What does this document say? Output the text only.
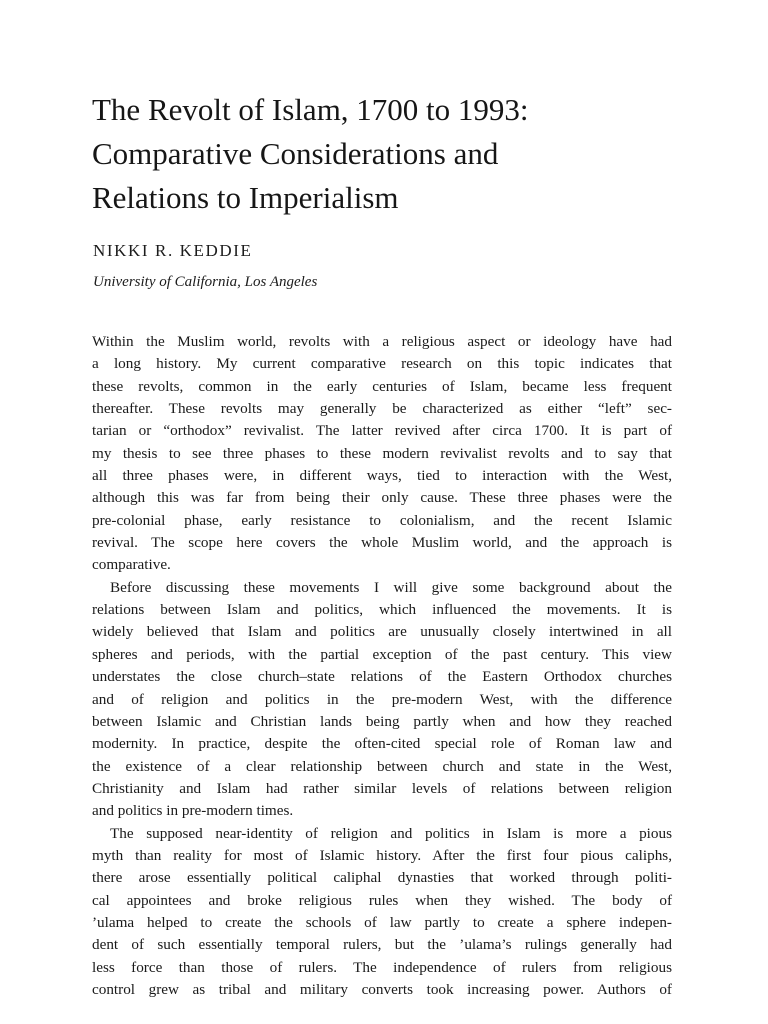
The Revolt of Islam, 1700 to 1993:
Comparative Considerations and
Relations to Imperialism

NIKKI R. KEDDIE

University of California, Los Angeles

Within the Muslim world, revolts with a religious aspect or ideology have had
a long history. My current comparative research on this topic indicates that
these revolts, common in the early centuries of Islam, became less frequent
thereafter. These revolts may generally be characterized as either “left” sec-
tarian or “orthodox” revivalist. The latter revived after circa 1700. It is part of
my thesis to see three phases to these modern revivalist revolts and to say that
all three phases were, in different ways, tied to interaction with the West,
although this was far from being their only cause. These three phases were the
pre-colonial phase, early resistance to colonialism, and the recent Islamic
revival. The scope here covers the whole Muslim world, and the approach is
comparative.

Before discussing these movements I will give some background about the
relations between Islam and politics, which influenced the movements. It is
widely believed that Islam and politics are unusually closely intertwined in all
spheres and periods, with the partial exception of the past century. This view
understates the close church–state relations of the Eastern Orthodox churches
and of religion and politics in the pre-modern West, with the difference
between Islamic and Christian lands being partly when and how they reached
modernity. In practice, despite the often-cited special role of Roman law and
the existence of a clear relationship between church and state in the West,
Christianity and Islam had rather similar levels of relations between religion
and politics in pre-modern times.

The supposed near-identity of religion and politics in Islam is more a pious
myth than reality for most of Islamic history. After the first four pious caliphs,
there arose essentially political caliphal dynasties that worked through politi-
cal appointees and broke religious rules when they wished. The body of
’ulama helped to create the schools of law partly to create a sphere indepen-
dent of such essentially temporal rulers, but the ’ulama’s rulings generally had
less force than those of rulers. The independence of rulers from religious
control grew as tribal and military converts took increasing power. Authors of
